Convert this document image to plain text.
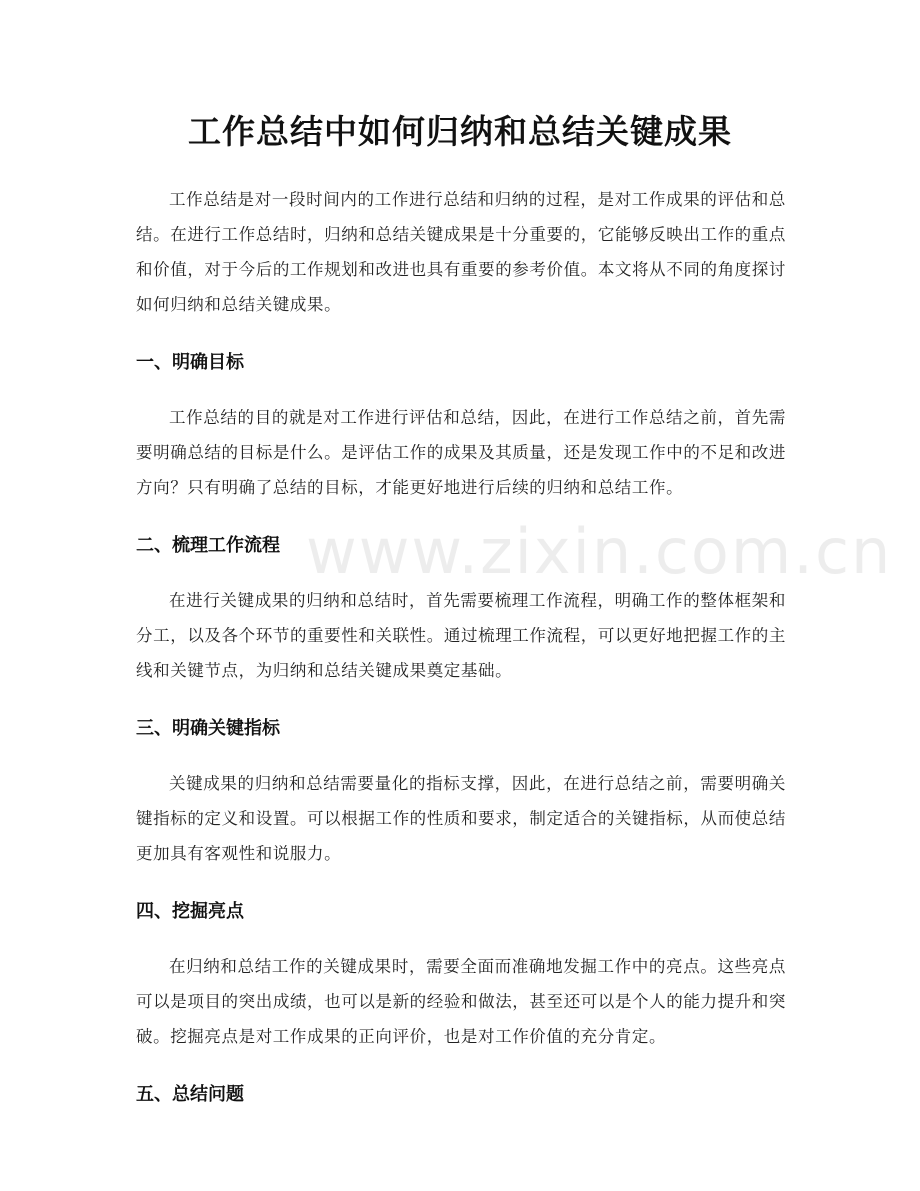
工作总结中如何归纳和总结关键成果

工作总结是对一段时间内的工作进行总结和归纳的过程，是对工作成果的评估和总结。在进行工作总结时，归纳和总结关键成果是十分重要的，它能够反映出工作的重点和价值，对于今后的工作规划和改进也具有重要的参考价值。本文将从不同的角度探讨如何归纳和总结关键成果。

一、明确目标

工作总结的目的就是对工作进行评估和总结，因此，在进行工作总结之前，首先需要明确总结的目标是什么。是评估工作的成果及其质量，还是发现工作中的不足和改进方向？只有明确了总结的目标，才能更好地进行后续的归纳和总结工作。

二、梳理工作流程

在进行关键成果的归纳和总结时，首先需要梳理工作流程，明确工作的整体框架和分工，以及各个环节的重要性和关联性。通过梳理工作流程，可以更好地把握工作的主线和关键节点，为归纳和总结关键成果奠定基础。

三、明确关键指标

关键成果的归纳和总结需要量化的指标支撑，因此，在进行总结之前，需要明确关键指标的定义和设置。可以根据工作的性质和要求，制定适合的关键指标，从而使总结更加具有客观性和说服力。

四、挖掘亮点

在归纳和总结工作的关键成果时，需要全面而准确地发掘工作中的亮点。这些亮点可以是项目的突出成绩，也可以是新的经验和做法，甚至还可以是个人的能力提升和突破。挖掘亮点是对工作成果的正向评价，也是对工作价值的充分肯定。

五、总结问题
www.zixin.com.cn
